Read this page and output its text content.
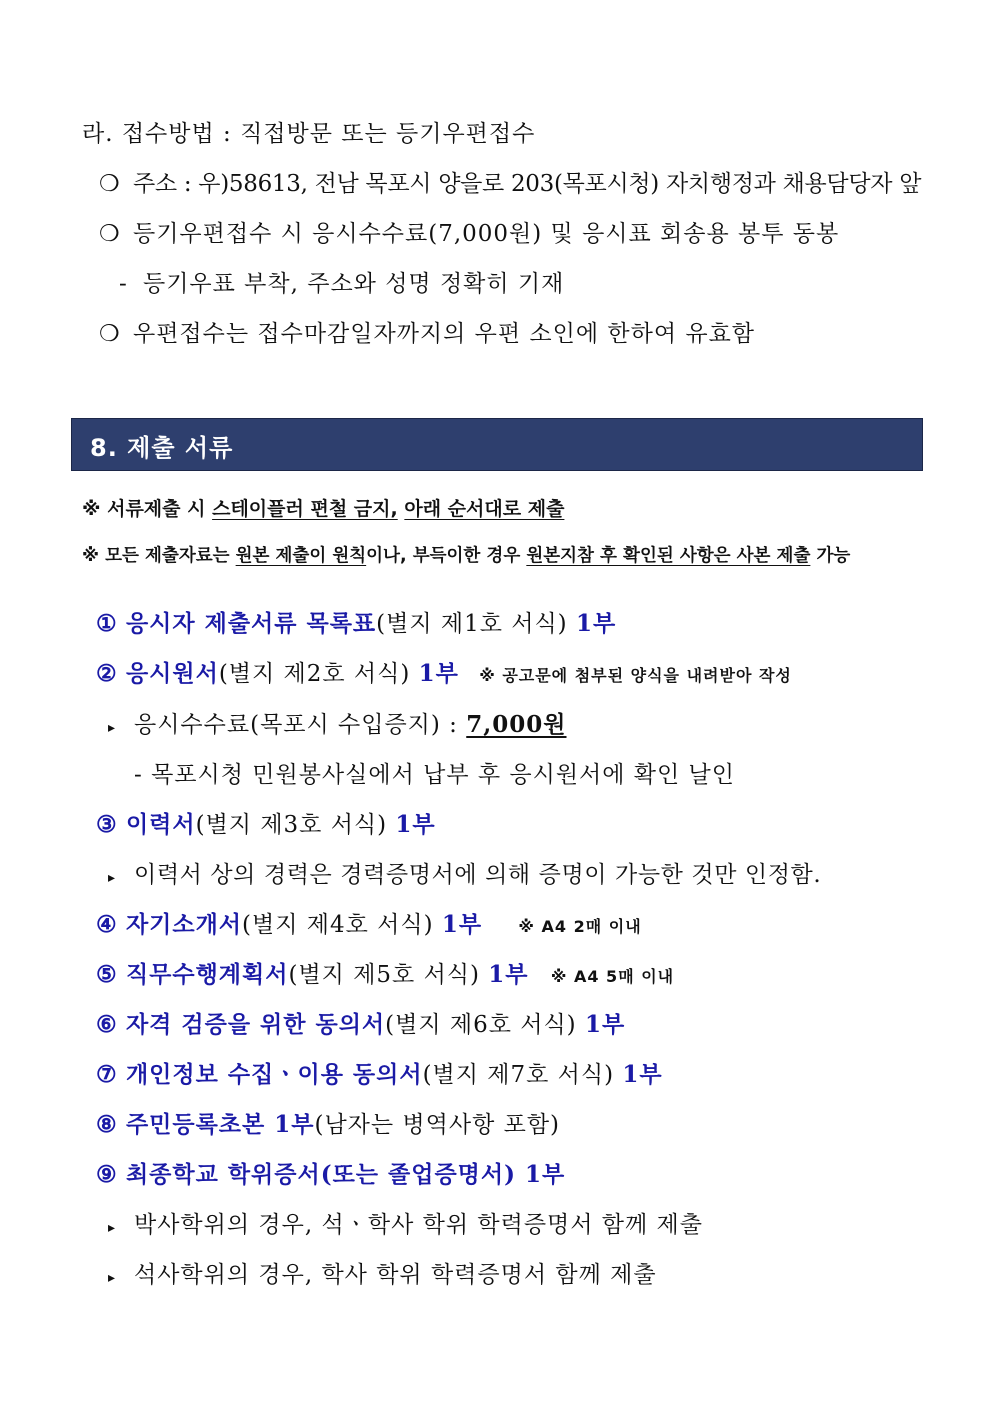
라. 접수방법 : 직접방문 또는 등기우편접수
❍ 주소 : 우)58613, 전남 목포시 양을로 203(목포시청) 자치행정과 채용담당자 앞
❍ 등기우편접수 시 응시수수료(7,000원) 및 응시표 회송용 봉투 동봉
- 등기우표 부착, 주소와 성명 정확히 기재
❍ 우편접수는 접수마감일자까지의 우편 소인에 한하여 유효함
8. 제출 서류
※ 서류제출 시 스테이플러 편철 금지, 아래 순서대로 제출
※ 모든 제출자료는 원본 제출이 원칙이나, 부득이한 경우 원본지참 후 확인된 사항은 사본 제출 가능
① 응시자 제출서류 목록표(별지 제1호 서식) 1부
② 응시원서(별지 제2호 서식) 1부 ※ 공고문에 첨부된 양식을 내려받아 작성
▸ 응시수수료(목포시 수입증지) : 7,000원
- 목포시청 민원봉사실에서 납부 후 응시원서에 확인 날인
③ 이력서(별지 제3호 서식) 1부
▸ 이력서 상의 경력은 경력증명서에 의해 증명이 가능한 것만 인정함.
④ 자기소개서(별지 제4호 서식) 1부 ※ A4 2매 이내
⑤ 직무수행계획서(별지 제5호 서식) 1부 ※ A4 5매 이내
⑥ 자격 검증을 위한 동의서(별지 제6호 서식) 1부
⑦ 개인정보 수집ㆍ이용 동의서(별지 제7호 서식) 1부
⑧ 주민등록초본 1부(남자는 병역사항 포함)
⑨ 최종학교 학위증서(또는 졸업증명서) 1부
▸ 박사학위의 경우, 석ㆍ학사 학위 학력증명서 함께 제출
▸ 석사학위의 경우, 학사 학위 학력증명서 함께 제출
